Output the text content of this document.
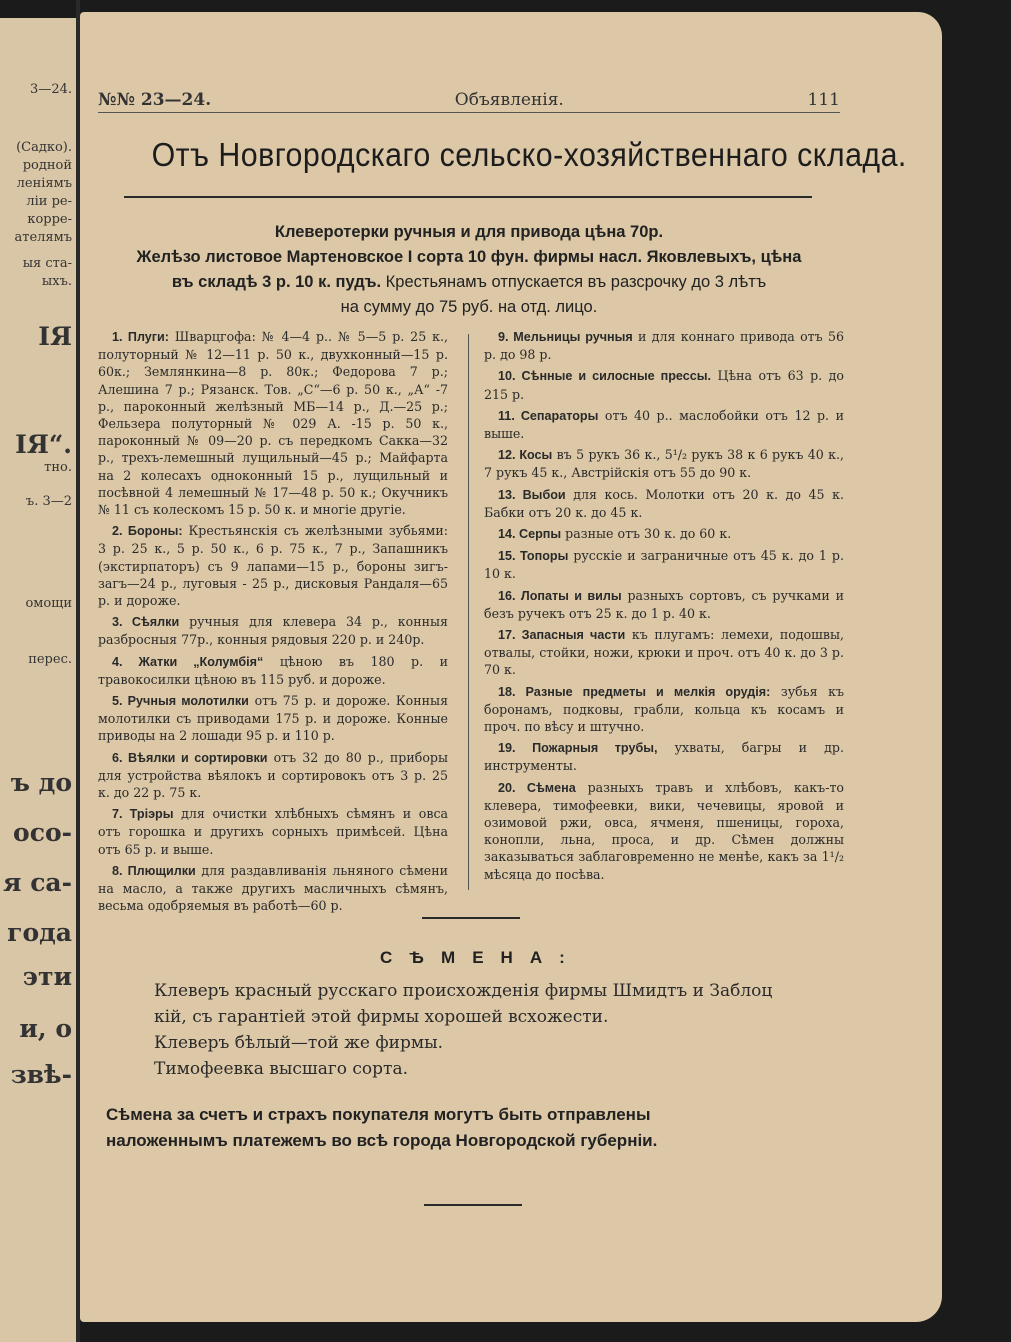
3—24.
(Садко).
родной
леніямъ
ліи ре-
корре-
ателямъ
ыя ста-
ыхъ.
ІЯ
ІЯ“.
тно.
ъ. 3—2
омощи
перес.
ъ до
осо-
я са-
года
эти
и, о
звѣ-
№№ 23—24.	Объявленія.	111
Отъ Новгородскаго сельско-хозяйственнаго склада.
Клеверотерки ручныя и для привода цѣна 70р.
Желѣзо листовое Мартеновское I сорта 10 фун. фирмы насл. Яковлевыхъ, цѣна
въ складѣ 3 р. 10 к. пудъ. Крестьянамъ отпускается въ разсрочку до 3 лѣтъ
на сумму до 75 руб. на отд. лицо.
1. Плуги: Шварцгофа: № 4—4 р.. № 5—5 р. 25 к., полуторный № 12—11 р. 50 к., двухконный—15 р. 60к.; Землянкина—8 р. 80к.; Федорова 7 р.; Алешина 7 р.; Рязанск. Тов. „С“—6 р. 50 к., „А“ -7 р., пароконный желѣзный МБ—14 р., Д.—25 р.; Фельзера полуторный № 029 А. -15 р. 50 к., пароконный № 09—20 р. съ передкомъ Сакка—32 р., трехъ-лемешный лущильный—45 р.; Майфарта на 2 колесахъ одноконный 15 р., лущильный и посѣвной 4 лемешный № 17—48 р. 50 к.; Окучникъ № 11 съ колескомъ 15 р. 50 к. и многіе другіе.
2. Бороны: Крестьянскія съ желѣзными зубьями: 3 р. 25 к., 5 р. 50 к., 6 р. 75 к., 7 р., Запашникъ (экстирпаторъ) съ 9 лапами—15 р., бороны зигъ-загъ—24 р., луговыя - 25 р., дисковыя Рандаля—65 р. и дороже.
3. Сѣялки ручныя для клевера 34 р., конныя разбросныя 77р., конныя рядовыя 220 р. и 240р.
4. Жатки „Колумбія“ цѣною въ 180 р. и травокосилки цѣною въ 115 руб. и дороже.
5. Ручныя молотилки отъ 75 р. и дороже. Конныя молотилки съ приводами 175 р. и дороже. Конные приводы на 2 лошади 95 р. и 110 р.
6. Вѣялки и сортировки отъ 32 до 80 р., приборы для устройства вѣялокъ и сортировокъ отъ 3 р. 25 к. до 22 р. 75 к.
7. Тріэры для очистки хлѣбныхъ сѣмянъ и овса отъ горошка и другихъ сорныхъ примѣсей. Цѣна отъ 65 р. и выше.
8. Плющилки для раздавливанія льняного сѣмени на масло, а также другихъ масличныхъ сѣмянъ, весьма одобряемыя въ работѣ—60 р.
9. Мельницы ручныя и для коннаго привода отъ 56 р. до 98 р.
10. Сѣнные и силосные прессы. Цѣна отъ 63 р. до 215 р.
11. Сепараторы отъ 40 р.. маслобойки отъ 12 р. и выше.
12. Косы въ 5 рукъ 36 к., 5¹/₂ рукъ 38 к 6 рукъ 40 к., 7 рукъ 45 к., Австрійскія отъ 55 до 90 к.
13. Выбои для кось. Молотки отъ 20 к. до 45 к. Бабки отъ 20 к. до 45 к.
14. Серпы разные отъ 30 к. до 60 к.
15. Топоры русскіе и заграничные отъ 45 к. до 1 р. 10 к.
16. Лопаты и вилы разныхъ сортовъ, съ ручками и безъ ручекъ отъ 25 к. до 1 р. 40 к.
17. Запасныя части къ плугамъ: лемехи, подошвы, отвалы, стойки, ножи, крюки и проч. отъ 40 к. до 3 р. 70 к.
18. Разные предметы и мелкія орудія: зубья къ боронамъ, подковы, грабли, кольца къ косамъ и проч. по вѣсу и штучно.
19. Пожарныя трубы, ухваты, багры и др. инструменты.
20. Сѣмена разныхъ травъ и хлѣбовъ, какъ-то клевера, тимофеевки, вики, чечевицы, яровой и озимовой ржи, овса, ячменя, пшеницы, гороха, конопли, льна, проса, и др. Сѣмен должны заказываться заблаговременно не менѣе, какъ за 1¹/₂ мѣсяца до посѣва.
СѢМЕНА:
Клеверъ красный русскаго происхожденія фирмы Шмидтъ и Заблоц
кій, съ гарантіей этой фирмы хорошей всхожести.
Клеверъ бѣлый—той же фирмы.
Тимофеевка высшаго сорта.
Сѣмена за счетъ и страхъ покупателя могутъ быть отправлены
наложеннымъ платежемъ во всѣ города Новгородской губерніи.
